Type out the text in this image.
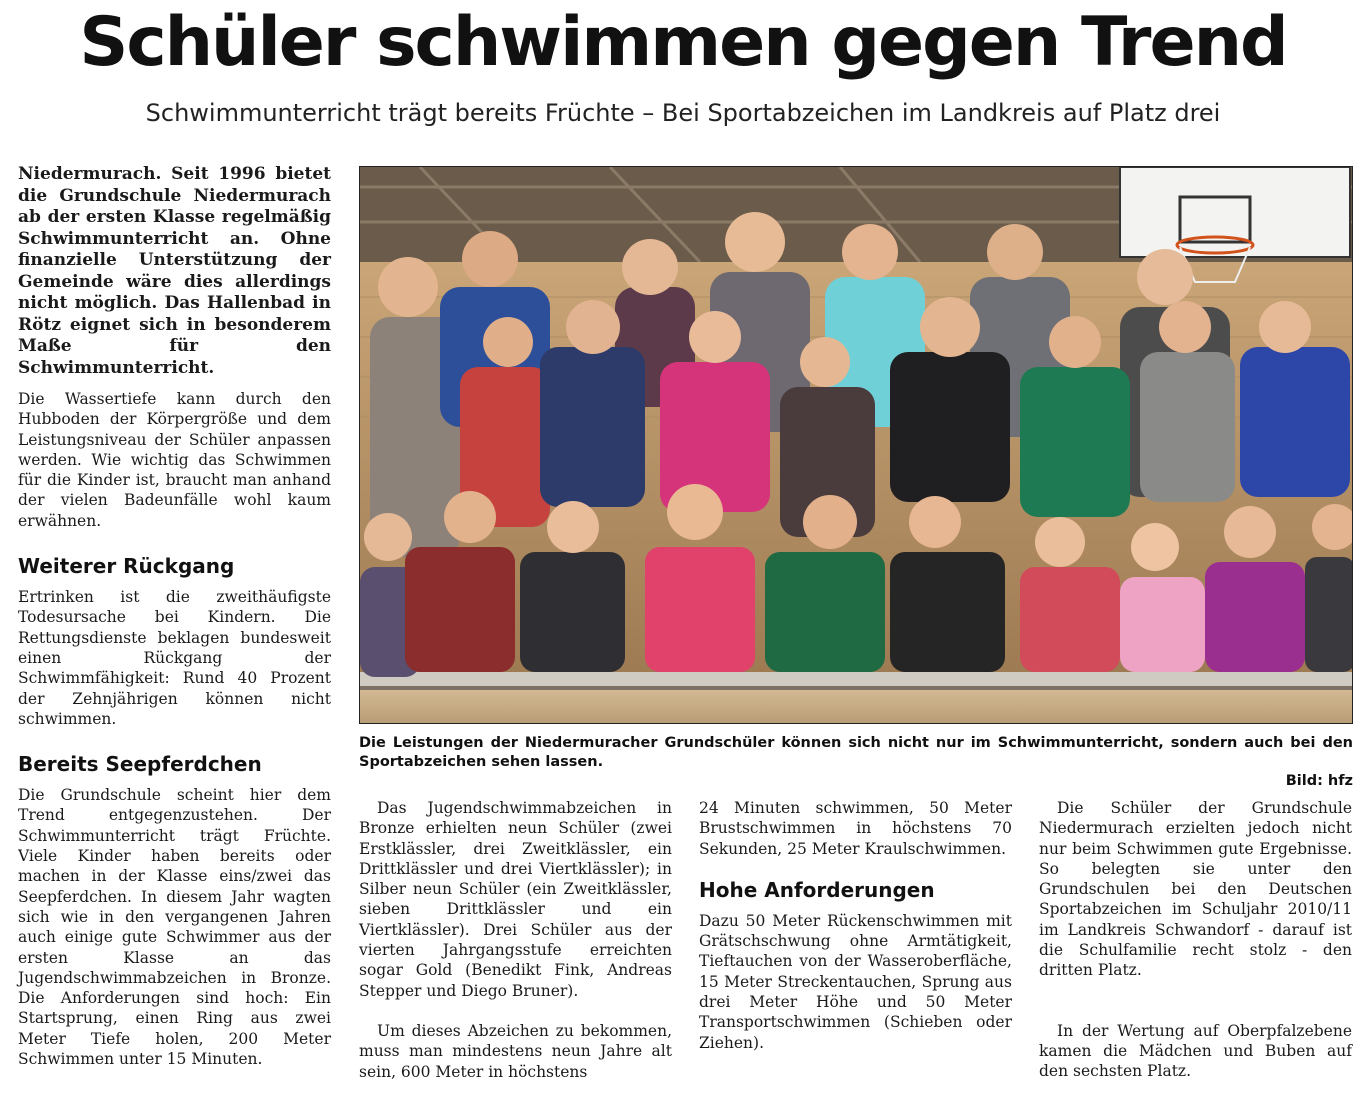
Schüler schwimmen gegen Trend
Schwimmunterricht trägt bereits Früchte – Bei Sportabzeichen im Landkreis auf Platz drei

Niedermurach. Seit 1996 bietet die Grundschule Niedermurach ab der ersten Klasse regelmäßig Schwimmunterricht an. Ohne finanzielle Unterstützung der Gemeinde wäre dies allerdings nicht möglich. Das Hallenbad in Rötz eignet sich in besonderem Maße für den Schwimmunterricht.

Die Wassertiefe kann durch den Hubboden der Körpergröße und dem Leistungsniveau der Schüler anpassen werden. Wie wichtig das Schwimmen für die Kinder ist, braucht man anhand der vielen Badeunfälle wohl kaum erwähnen.

Weiterer Rückgang

Ertrinken ist die zweithäufigste Todesursache bei Kindern. Die Rettungsdienste beklagen bundesweit einen Rückgang der Schwimmfähigkeit: Rund 40 Prozent der Zehnjährigen können nicht schwimmen.

Bereits Seepferdchen

Die Grundschule scheint hier dem Trend entgegenzustehen. Der Schwimmunterricht trägt Früchte. Viele Kinder haben bereits oder machen in der Klasse eins/zwei das Seepferdchen. In diesem Jahr wagten sich wie in den vergangenen Jahren auch einige gute Schwimmer aus der ersten Klasse an das Jugendschwimmabzeichen in Bronze. Die Anforderungen sind hoch: Ein Startsprung, einen Ring aus zwei Meter Tiefe holen, 200 Meter Schwimmen unter 15 Minuten.

Die Leistungen der Niedermuracher Grundschüler können sich nicht nur im Schwimmunterricht, sondern auch bei den Sportabzeichen sehen lassen.
Bild: hfz

Das Jugendschwimmabzeichen in Bronze erhielten neun Schüler (zwei Erstklässler, drei Zweitklässler, ein Drittklässler und drei Viertklässler); in Silber neun Schüler (ein Zweitklässler, sieben Drittklässler und ein Viertklässler). Drei Schüler aus der vierten Jahrgangsstufe erreichten sogar Gold (Benedikt Fink, Andreas Stepper und Diego Bruner).

Um dieses Abzeichen zu bekommen, muss man mindestens neun Jahre alt sein, 600 Meter in höchstens

24 Minuten schwimmen, 50 Meter Brustschwimmen in höchstens 70 Sekunden, 25 Meter Kraulschwimmen.

Hohe Anforderungen

Dazu 50 Meter Rückenschwimmen mit Grätschschwung ohne Armtätigkeit, Tieftauchen von der Wasseroberfläche, 15 Meter Streckentauchen, Sprung aus drei Meter Höhe und 50 Meter Transportschwimmen (Schieben oder Ziehen).

Die Schüler der Grundschule Niedermurach erzielten jedoch nicht nur beim Schwimmen gute Ergebnisse. So belegten sie unter den Grundschulen bei den Deutschen Sportabzeichen im Schuljahr 2010/11 im Landkreis Schwandorf - darauf ist die Schulfamilie recht stolz - den dritten Platz.

In der Wertung auf Oberpfalzebene kamen die Mädchen und Buben auf den sechsten Platz.
